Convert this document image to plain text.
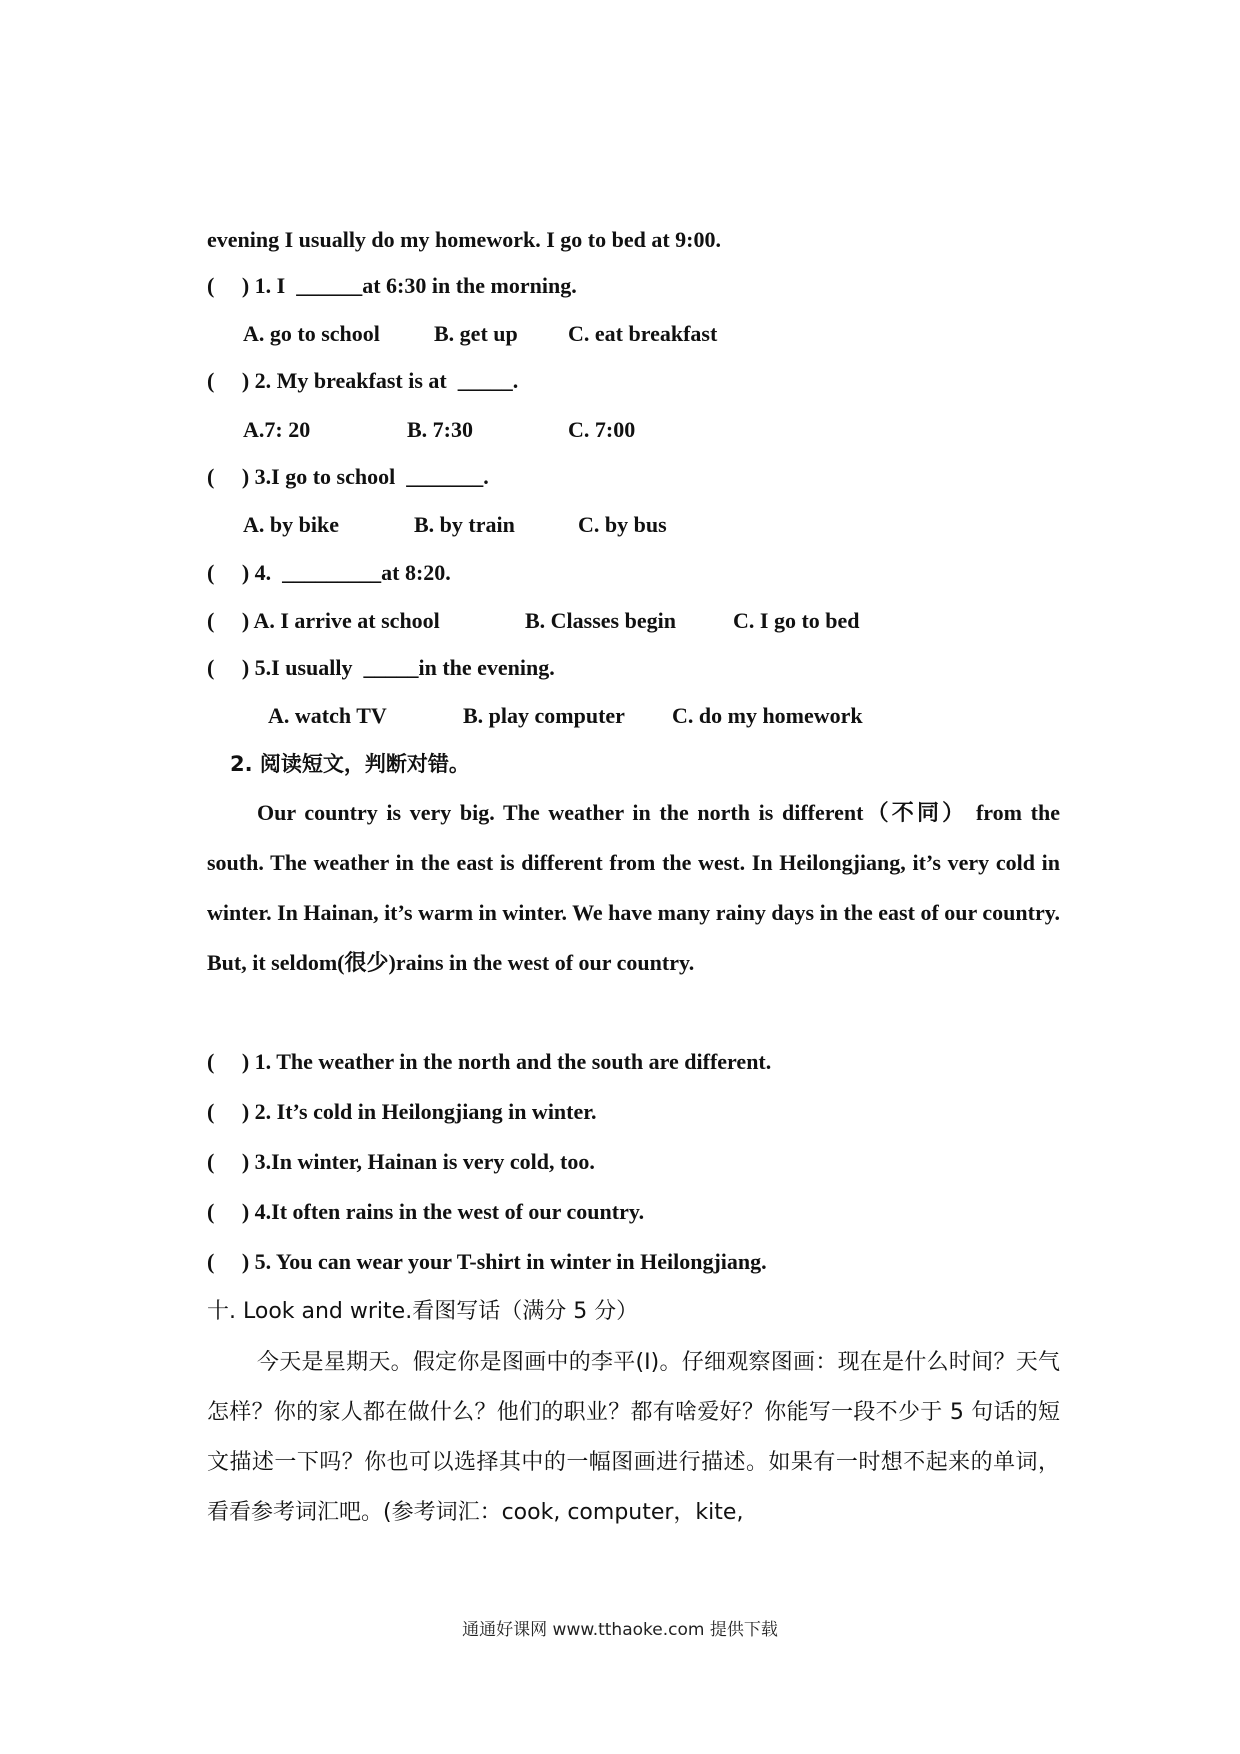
evening I usually do my homework. I go to bed at 9:00.
(     ) 1. I  ______at 6:30 in the morning.
A. go to school B. get up C. eat breakfast
(     ) 2. My breakfast is at  _____.
A.7: 20	B. 7:30	C. 7:00
(     ) 3.I go to school  _______.
A. by bike	B. by train	C. by bus
(     ) 4.  _________at 8:20.
(     ) A. I arrive at school	B. Classes begin	C. I go to bed
(     ) 5.I usually  _____in the evening.
A. watch TV	B. play computer C. do my homework
2. 阅读短文，判断对错。
Our country is very big. The weather in the north is different（不同） from the south. The weather in the east is different from the west. In Heilongjiang, it’s very cold in winter. In Hainan, it’s warm in winter. We have many rainy days in the east of our country. But, it seldom(很少)rains in the west of our country.
(     ) 1. The weather in the north and the south are different.
(     ) 2. It’s cold in Heilongjiang in winter.
(     ) 3.In winter, Hainan is very cold, too.
(     ) 4.It often rains in the west of our country.
(     ) 5. You can wear your T-shirt in winter in Heilongjiang.
十. Look and write.看图写话（满分 5 分）
今天是星期天。假定你是图画中的李平(I)。仔细观察图画：现在是什么时间？天气怎样？你的家人都在做什么？他们的职业？都有啥爱好？你能写一段不少于 5 句话的短文描述一下吗？你也可以选择其中的一幅图画进行描述。如果有一时想不起来的单词，看看参考词汇吧。(参考词汇：cook, computer，kite,
通通好课网 www.tthaoke.com 提供下载
